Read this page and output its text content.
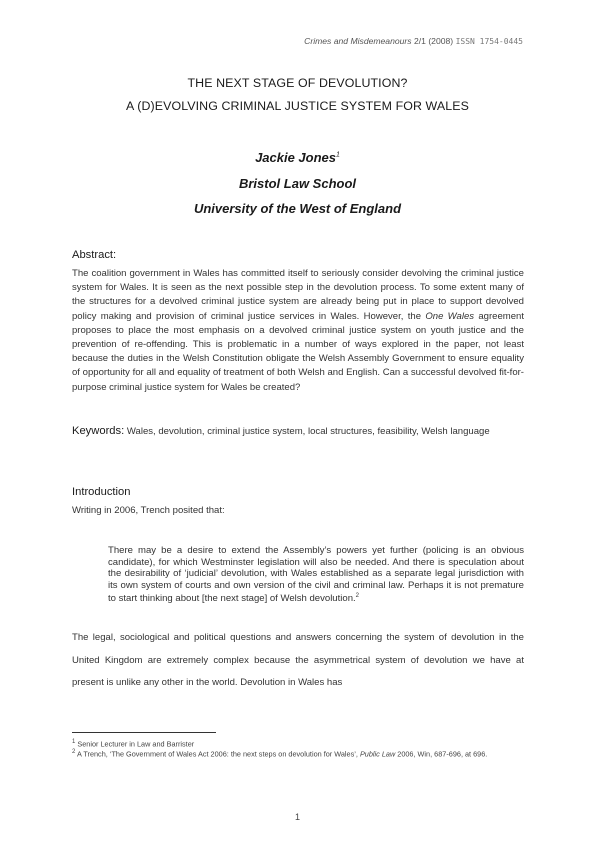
Crimes and Misdemeanours 2/1 (2008) ISSN 1754-0445
THE NEXT STAGE OF DEVOLUTION?
A (D)EVOLVING CRIMINAL JUSTICE SYSTEM FOR WALES
Jackie Jones$^1$
Bristol Law School
University of the West of England
Abstract:
The coalition government in Wales has committed itself to seriously consider devolving the criminal justice system for Wales. It is seen as the next possible step in the devolution process. To some extent many of the structures for a devolved criminal justice system are already being put in place to support devolved policy making and provision of criminal justice services in Wales. However, the One Wales agreement proposes to place the most emphasis on a devolved criminal justice system on youth justice and the prevention of re-offending. This is problematic in a number of ways explored in the paper, not least because the duties in the Welsh Constitution obligate the Welsh Assembly Government to ensure equality of opportunity for all and equality of treatment of both Welsh and English. Can a successful devolved fit-for-purpose criminal justice system for Wales be created?
Keywords: Wales, devolution, criminal justice system, local structures, feasibility, Welsh language
Introduction
Writing in 2006, Trench posited that:
There may be a desire to extend the Assembly’s powers yet further (policing is an obvious candidate), for which Westminster legislation will also be needed. And there is speculation about the desirability of ‘judicial’ devolution, with Wales established as a separate legal jurisdiction with its own system of courts and own version of the civil and criminal law. Perhaps it is not premature to start thinking about [the next stage] of Welsh devolution.$^2$
The legal, sociological and political questions and answers concerning the system of devolution in the United Kingdom are extremely complex because the asymmetrical system of devolution we have at present is unlike any other in the world. Devolution in Wales has
$^1$ Senior Lecturer in Law and Barrister
$^2$ A Trench, ‘The Government of Wales Act 2006: the next steps on devolution for Wales’, Public Law 2006, Win, 687-696, at 696.
1
